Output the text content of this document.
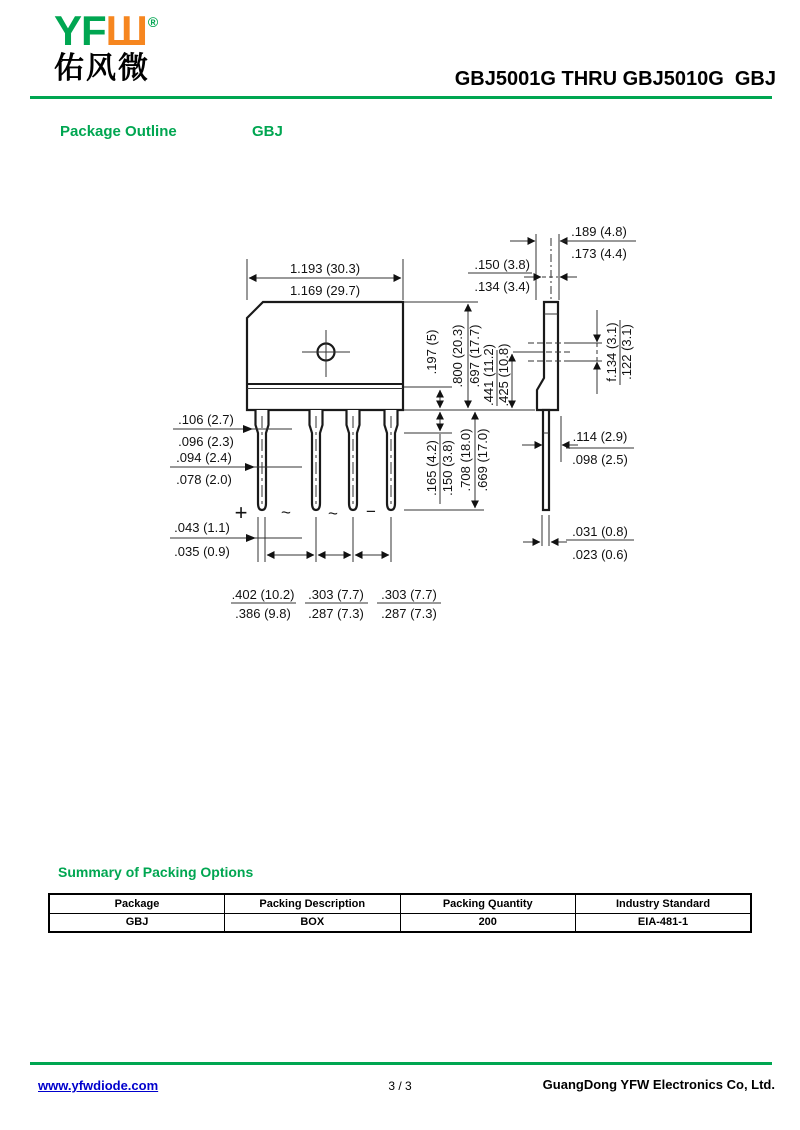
YFШ®
佑风微	GBJ5001G THRU GBJ5010G  GBJ
Package Outline	GBJ
1.193 (30.3)
1.169 (29.7)
.197 (5)
.165 (4.2) .150 (3.8)
.800 (20.3) .697 (17.7)
.708 (18.0) .669 (17.0)
.441 (11.2) .425 (10.8)
.106 (2.7)
.096 (2.3)
.094 (2.4)
.078 (2.0)
.043 (1.1)
.035 (0.9)
+ ~ ~ −
.402 (10.2)
.386 (9.8)
.303 (7.7)
.287 (7.3)
.303 (7.7)
.287 (7.3)
f.134 (3.1) .122 (3.1)
.189 (4.8)
.173 (4.4)
.150 (3.8)
.134 (3.4)
.114 (2.9)
.098 (2.5)
.031 (0.8)
.023 (0.6)
Summary of Packing Options
Package	Packing Description	Packing Quantity	Industry Standard
GBJ	BOX	200	EIA-481-1
www.yfwdiode.com	3 / 3	GuangDong YFW Electronics Co, Ltd.
